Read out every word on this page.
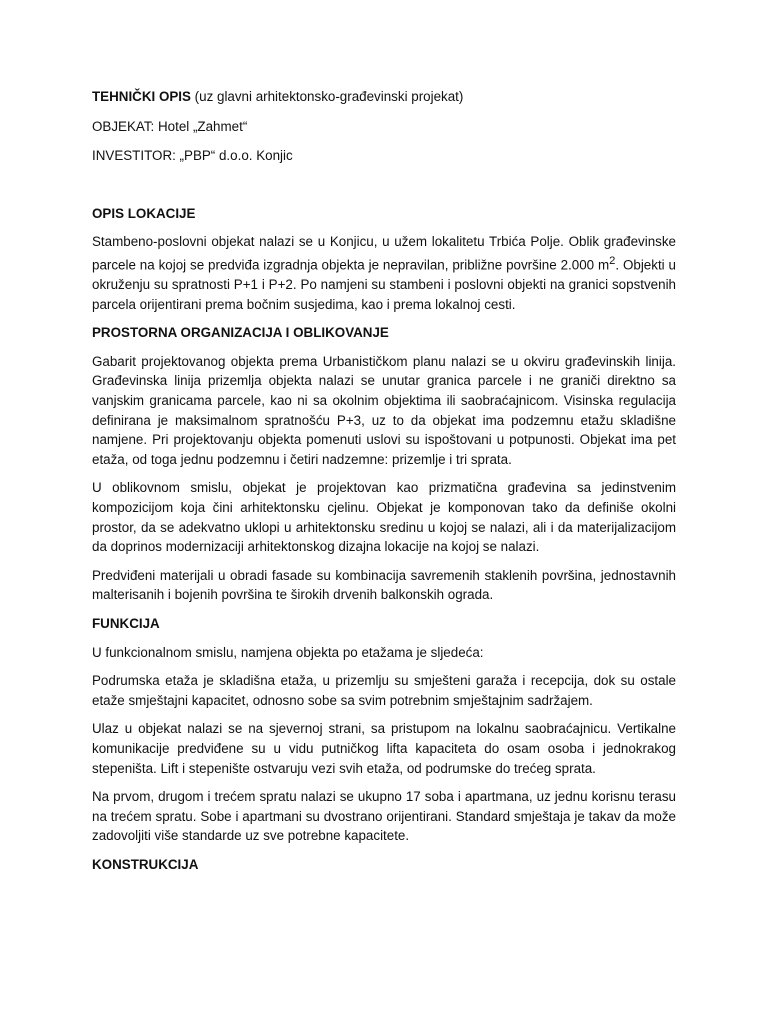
TEHNIČKI OPIS (uz glavni arhitektonsko-građevinski projekat)

OBJEKAT: Hotel „Zahmet“

INVESTITOR: „PBP“ d.o.o. Konjic

OPIS LOKACIJE

Stambeno-poslovni objekat nalazi se u Konjicu, u užem lokalitetu Trbića Polje. Oblik građevinske parcele na kojoj se predviđa izgradnja objekta je nepravilan, približne površine 2.000 $m^2$. Objekti u okruženju su spratnosti P+1 i P+2. Po namjeni su stambeni i poslovni objekti na granici sopstvenih parcela orijentirani prema bočnim susjedima, kao i prema lokalnoj cesti.

PROSTORNA ORGANIZACIJA I OBLIKOVANJE

Gabarit projektovanog objekta prema Urbanističkom planu nalazi se u okviru građevinskih linija. Građevinska linija prizemlja objekta nalazi se unutar granica parcele i ne graniči direktno sa vanjskim granicama parcele, kao ni sa okolnim objektima ili saobraćajnicom. Visinska regulacija definirana je maksimalnom spratnošću P+3, uz to da objekat ima podzemnu etažu skladišne namjene. Pri projektovanju objekta pomenuti uslovi su ispoštovani u potpunosti. Objekat ima pet etaža, od toga jednu podzemnu i četiri nadzemne: prizemlje i tri sprata.

U oblikovnom smislu, objekat je projektovan kao prizmatična građevina sa jedinstvenim kompozicijom koja čini arhitektonsku cjelinu. Objekat je komponovan tako da definiše okolni prostor, da se adekvatno uklopi u arhitektonsku sredinu u kojoj se nalazi, ali i da materijalizacijom da doprinos modernizaciji arhitektonskog dizajna lokacije na kojoj se nalazi.

Predviđeni materijali u obradi fasade su kombinacija savremenih staklenih površina, jednostavnih malterisanih i bojenih površina te širokih drvenih balkonskih ograda.

FUNKCIJA

U funkcionalnom smislu, namjena objekta po etažama je sljedeća:

Podrumska etaža je skladišna etaža, u prizemlju su smješteni garaža i recepcija, dok su ostale etaže smještajni kapacitet, odnosno sobe sa svim potrebnim smještajnim sadržajem.

Ulaz u objekat nalazi se na sjevernoj strani, sa pristupom na lokalnu saobraćajnicu. Vertikalne komunikacije predviđene su u vidu putničkog lifta kapaciteta do osam osoba i jednokrakog stepeništa. Lift i stepenište ostvaruju vezi svih etaža, od podrumske do trećeg sprata.

Na prvom, drugom i trećem spratu nalazi se ukupno 17 soba i apartmana, uz jednu korisnu terasu na trećem spratu. Sobe i apartmani su dvostrano orijentirani. Standard smještaja je takav da može zadovoljiti više standarde uz sve potrebne kapacitete.

KONSTRUKCIJA
